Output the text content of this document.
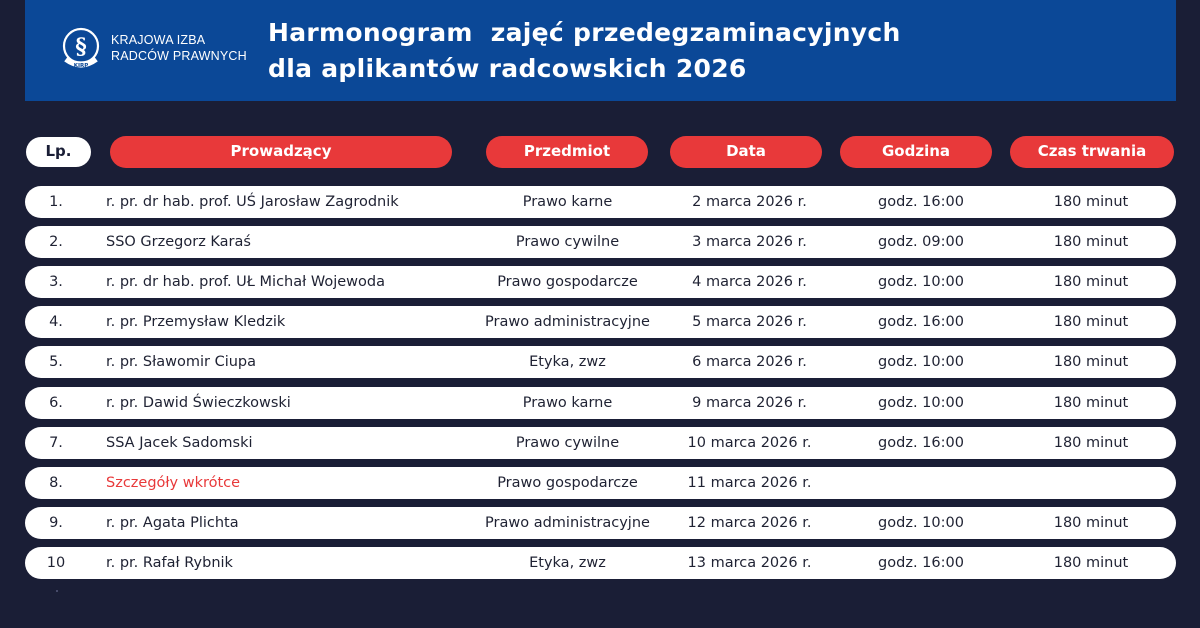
§
KIRP
KRAJOWA IZBA
RADCÓW PRAWNYCH
Harmonogram  zajęć przedegzaminacyjnych
dla aplikantów radcowskich 2026
Lp.	Prowadzący	Przedmiot	Data	Godzina	Czas trwania
1.	r. pr. dr hab. prof. UŚ Jarosław Zagrodnik	Prawo karne	2 marca 2026 r.	godz. 16:00	180 minut
2.	SSO Grzegorz Karaś	Prawo cywilne	3 marca 2026 r.	godz. 09:00	180 minut
3.	r. pr. dr hab. prof. UŁ Michał Wojewoda	Prawo gospodarcze	4 marca 2026 r.	godz. 10:00	180 minut
4.	r. pr. Przemysław Kledzik	Prawo administracyjne	5 marca 2026 r.	godz. 16:00	180 minut
5.	r. pr. Sławomir Ciupa	Etyka, zwz	6 marca 2026 r.	godz. 10:00	180 minut
6.	r. pr. Dawid Świeczkowski	Prawo karne	9 marca 2026 r.	godz. 10:00	180 minut
7.	SSA Jacek Sadomski	Prawo cywilne	10 marca 2026 r.	godz. 16:00	180 minut
8.	Szczegóły wkrótce	Prawo gospodarcze	11 marca 2026 r.
9.	r. pr. Agata Plichta	Prawo administracyjne	12 marca 2026 r.	godz. 10:00	180 minut
10	r. pr. Rafał Rybnik	Etyka, zwz	13 marca 2026 r.	godz. 16:00	180 minut
